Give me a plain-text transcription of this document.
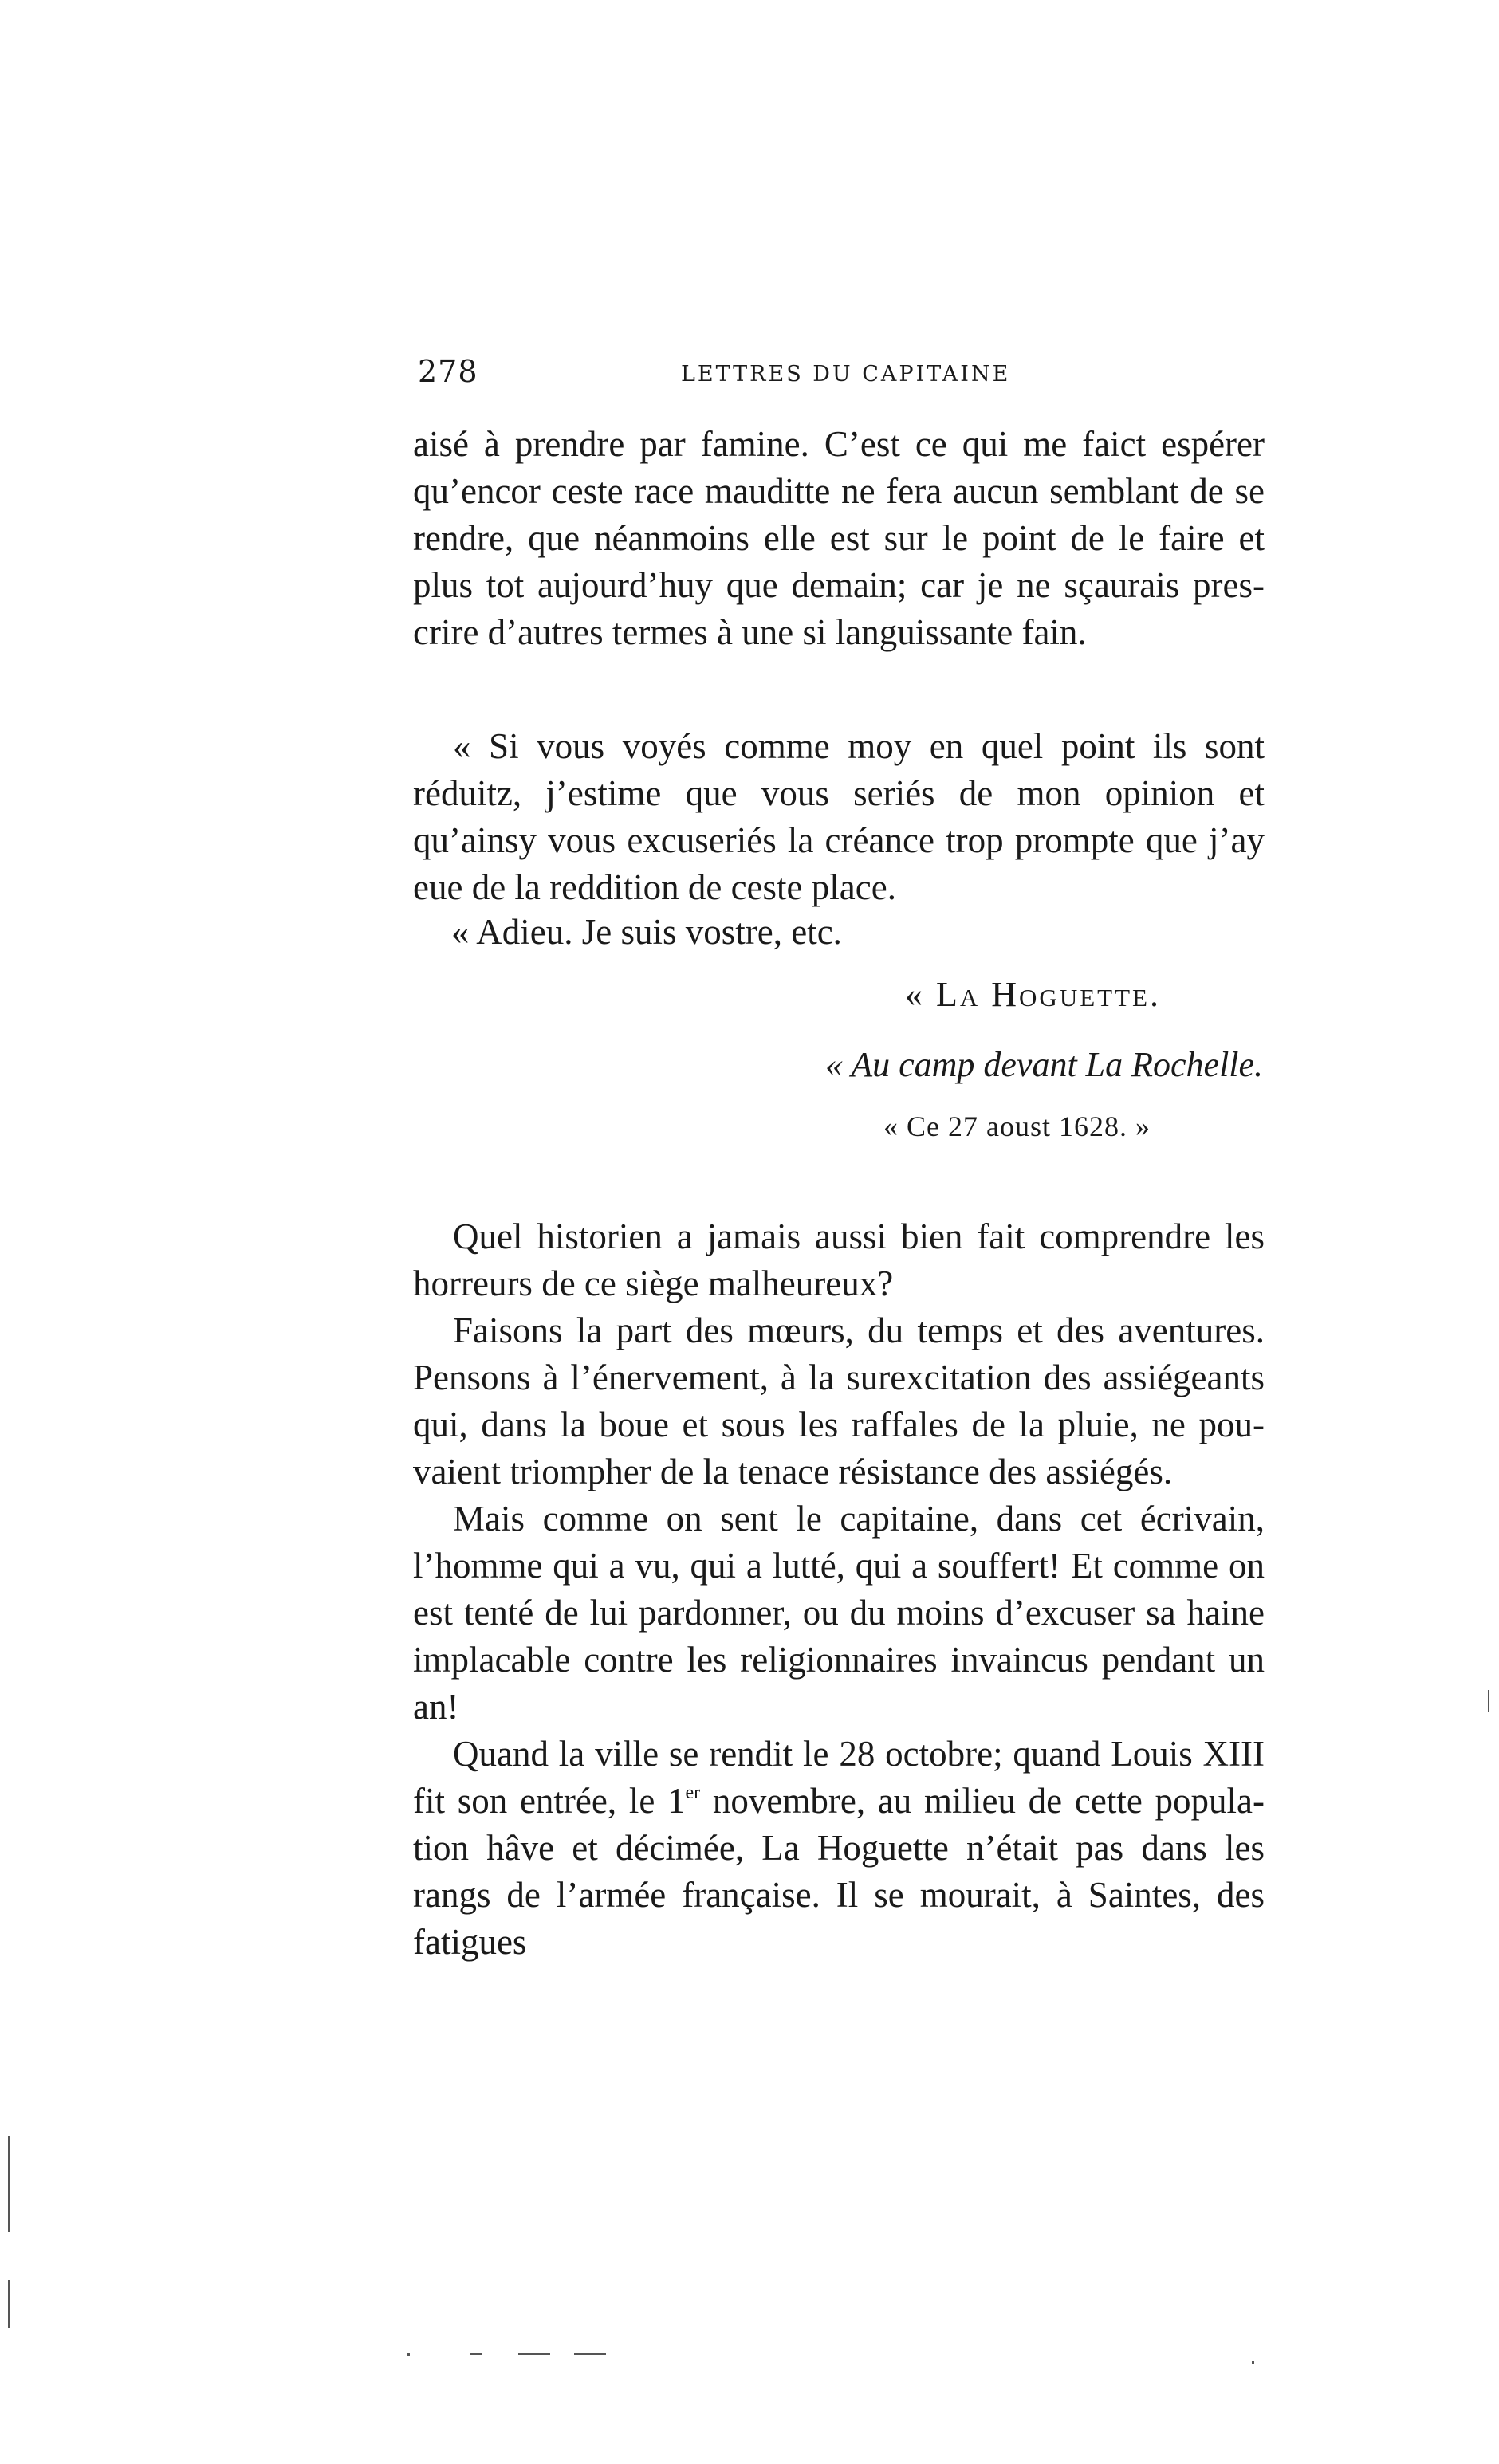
278	LETTRES DU CAPITAINE

aisé à prendre par famine. C’est ce qui me faict espérer qu’encor ceste race mauditte ne fera aucun semblant de se rendre, que néanmoins elle est sur le point de le faire et plus tot aujourd’huy que demain; car je ne sçaurais prescrire d’autres termes à une si languissante fain.

« Si vous voyés comme moy en quel point ils sont réduitz, j’estime que vous seriés de mon opinion et qu’ainsy vous excuseriés la créance trop prompte que j’ay eue de la reddition de ceste place.

« Adieu. Je suis vostre, etc.
« La Hoguette.
« Au camp devant La Rochelle.
« Ce 27 aoust 1628. »

Quel historien a jamais aussi bien fait comprendre les horreurs de ce siège malheureux?

Faisons la part des mœurs, du temps et des aventures. Pensons à l’énervement, à la surexcitation des assiégeants qui, dans la boue et sous les raffales de la pluie, ne pouvaient triompher de la tenace résistance des assiégés.

Mais comme on sent le capitaine, dans cet écrivain, l’homme qui a vu, qui a lutté, qui a souffert! Et comme on est tenté de lui pardonner, ou du moins d’excuser sa haine implacable contre les religionnaires invaincus pendant un an!

Quand la ville se rendit le 28 octobre; quand Louis XIII fit son entrée, le 1er novembre, au milieu de cette population hâve et décimée, La Hoguette n’était pas dans les rangs de l’armée française. Il se mourait, à Saintes, des fatigues
